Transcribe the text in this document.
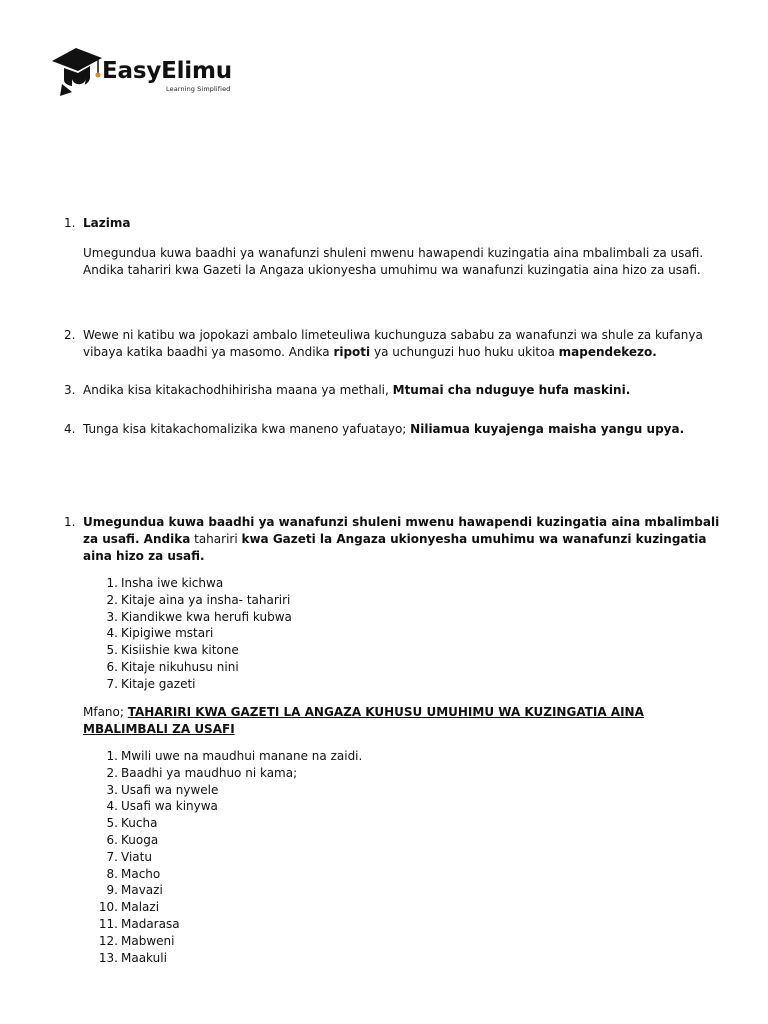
EasyElimu
Learning Simplified
1. Lazima

Umegundua kuwa baadhi ya wanafunzi shuleni mwenu hawapendi kuzingatia aina mbalimbali za usafi. Andika tahariri kwa Gazeti la Angaza ukionyesha umuhimu wa wanafunzi kuzingatia aina hizo za usafi.

2. Wewe ni katibu wa jopokazi ambalo limeteuliwa kuchunguza sababu za wanafunzi wa shule za kufanya vibaya katika baadhi ya masomo. Andika ripoti ya uchunguzi huo huku ukitoa mapendekezo.

3. Andika kisa kitakachodhihirisha maana ya methali, Mtumai cha nduguye hufa maskini.

4. Tunga kisa kitakachomalizika kwa maneno yafuatayo; Niliamua kuyajenga maisha yangu upya.

1. Umegundua kuwa baadhi ya wanafunzi shuleni mwenu hawapendi kuzingatia aina mbalimbali za usafi. Andika tahariri kwa Gazeti la Angaza ukionyesha umuhimu wa wanafunzi kuzingatia aina hizo za usafi.

1. Insha iwe kichwa
2. Kitaje aina ya insha- tahariri
3. Kiandikwe kwa herufi kubwa
4. Kipigiwe mstari
5. Kisiishie kwa kitone
6. Kitaje nikuhusu nini
7. Kitaje gazeti
Mfano; TAHARIRI KWA GAZETI LA ANGAZA KUHUSU UMUHIMU WA KUZINGATIA AINA MBALIMBALI ZA USAFI
1. Mwili uwe na maudhui manane na zaidi.
2. Baadhi ya maudhuo ni kama;
3. Usafi wa nywele
4. Usafi wa kinywa
5. Kucha
6. Kuoga
7. Viatu
8. Macho
9. Mavazi
10. Malazi
11. Madarasa
12. Mabweni
13. Maakuli
